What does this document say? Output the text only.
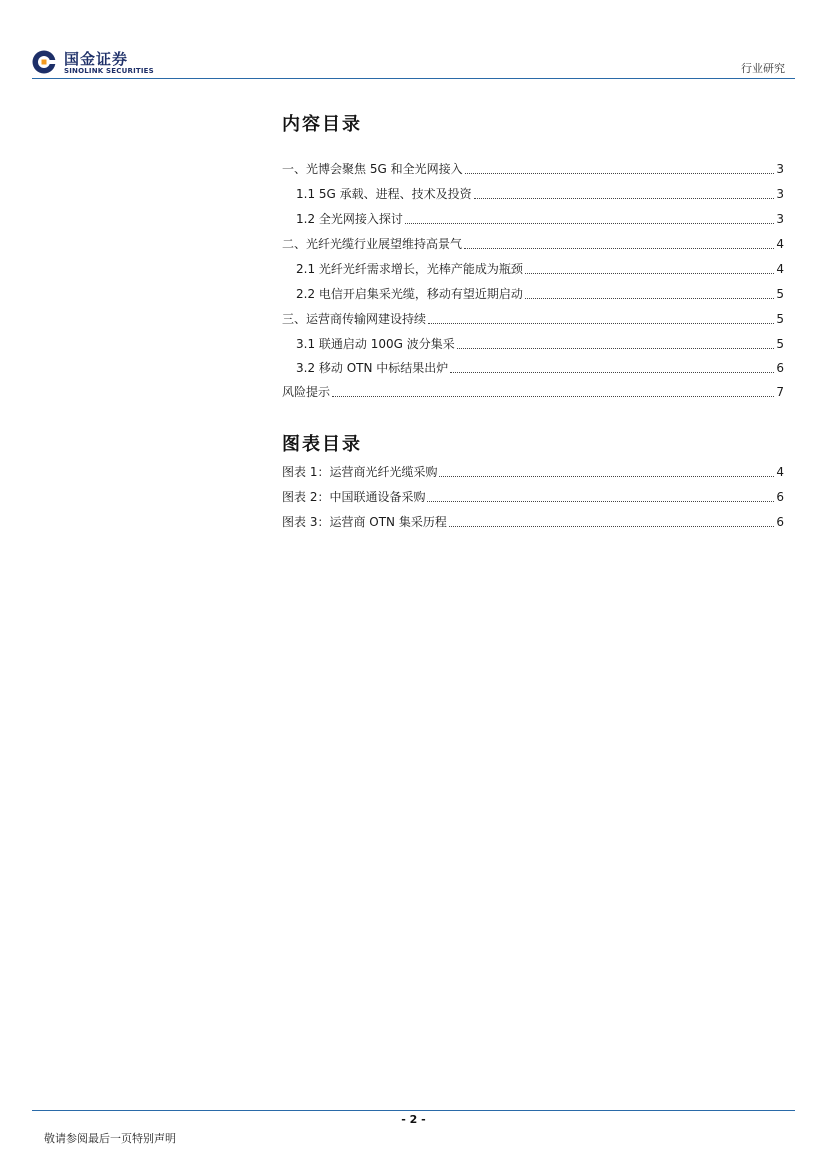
国金证券
SINOLINK SECURITIES	行业研究
内容目录
一、光博会聚焦 5G 和全光网接入	3
1.1 5G 承载、进程、技术及投资	3
1.2 全光网接入探讨	3
二、光纤光缆行业展望维持高景气	4
2.1 光纤光纤需求增长，光棒产能成为瓶颈	4
2.2 电信开启集采光缆，移动有望近期启动	5
三、运营商传输网建设持续	5
3.1 联通启动 100G 波分集采	5
3.2 移动 OTN 中标结果出炉	6
风险提示	7
图表目录
图表 1：运营商光纤光缆采购	4
图表 2：中国联通设备采购	6
图表 3：运营商 OTN 集采历程	6
- 2 -
敬请参阅最后一页特别声明
